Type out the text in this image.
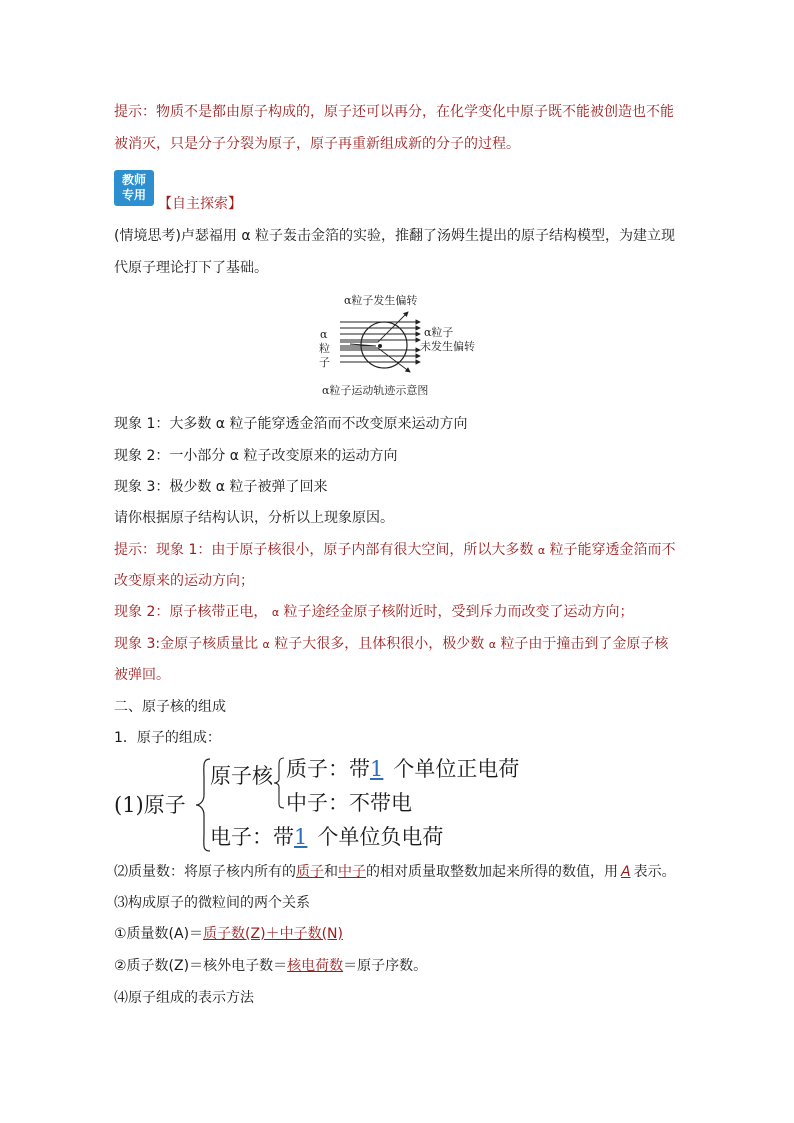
提示：物质不是都由原子构成的，原子还可以再分，在化学变化中原子既不能被创造也不能
被消灭，只是分子分裂为原子，原子再重新组成新的分子的过程。
教师
专用
【自主探索】
(情境思考)卢瑟福用 α 粒子轰击金箔的实验，推翻了汤姆生提出的原子结构模型，为建立现
代原子理论打下了基础。
α粒子发生偏转
α
粒
子
α粒子
未发生偏转
α粒子运动轨迹示意图
现象 1：大多数 α 粒子能穿透金箔而不改变原来运动方向
现象 2：一小部分 α 粒子改变原来的运动方向
现象 3：极少数 α 粒子被弹了回来
请你根据原子结构认识，分析以上现象原因。
提示：现象 1：由于原子核很小，原子内部有很大空间，所以大多数 α 粒子能穿透金箔而不
改变原来的运动方向；
现象 2：原子核带正电， α 粒子途经金原子核附近时，受到斥力而改变了运动方向；
现象 3:金原子核质量比 α 粒子大很多，且体积很小，极少数 α 粒子由于撞击到了金原子核
被弹回。
二、原子核的组成
1．原子的组成：
(1)原子
原子核 质子：带1 个单位正电荷
中子：不带电
电子：带1 个单位负电荷
⑵质量数：将原子核内所有的质子和中子的相对质量取整数加起来所得的数值，用 A 表示。
⑶构成原子的微粒间的两个关系
①质量数(A)＝质子数(Z)＋中子数(N)
②质子数(Z)＝核外电子数＝核电荷数＝原子序数。
⑷原子组成的表示方法
